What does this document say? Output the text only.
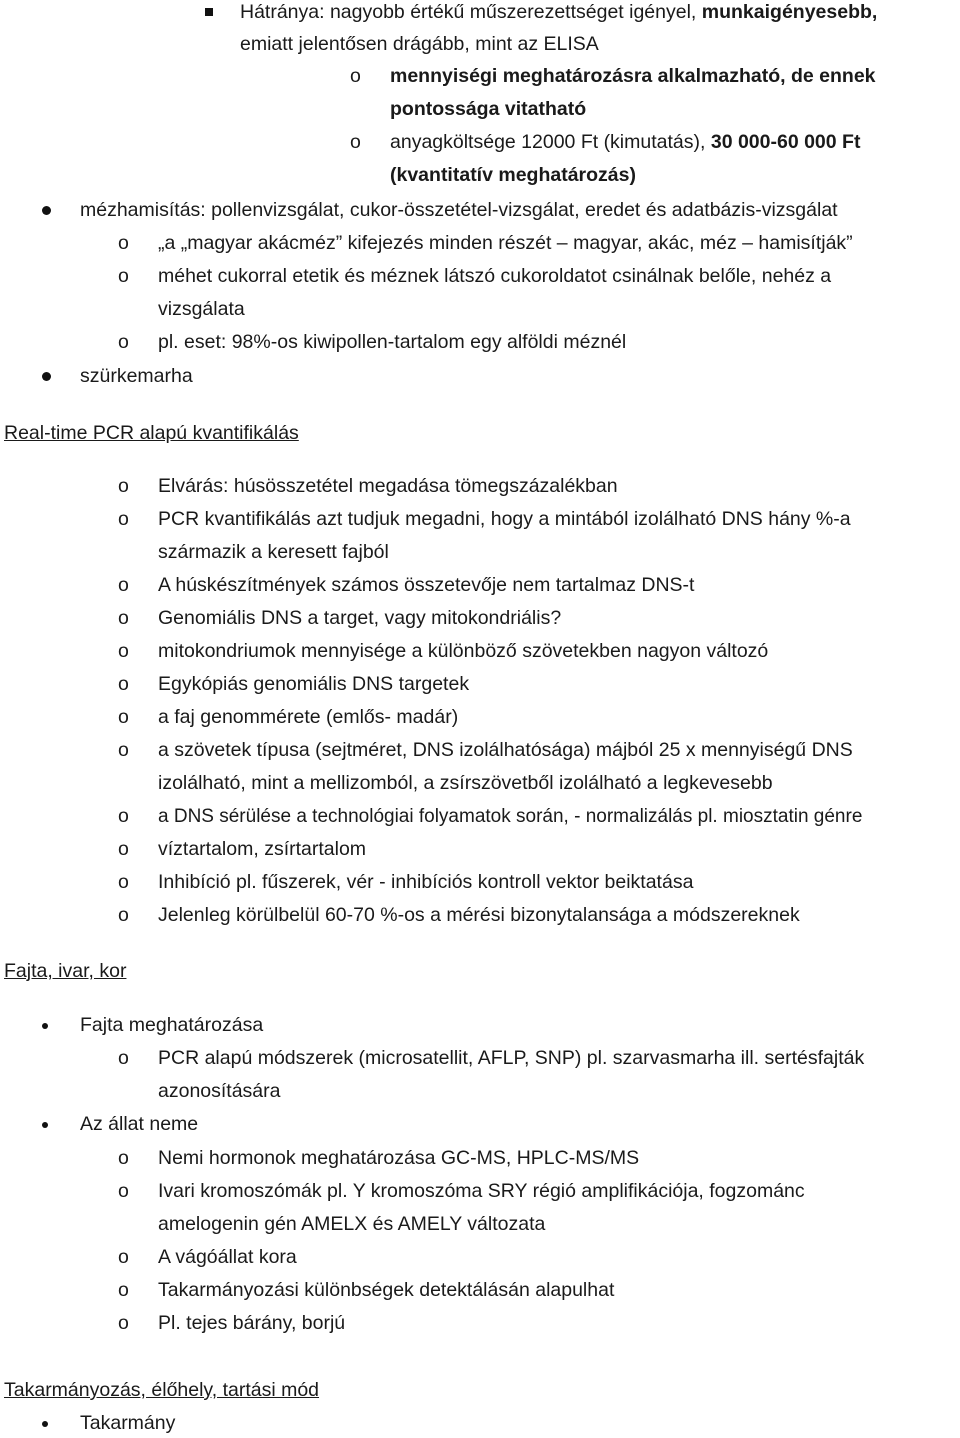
Hátránya: nagyobb értékű műszerezettséget igényel, munkaigényesebb,
emiatt jelentősen drágább, mint az ELISA
o mennyiségi meghatározásra alkalmazható, de ennek
pontossága vitatható
o anyagköltsége 12000 Ft (kimutatás), 30 000-60 000 Ft
(kvantitatív meghatározás)
mézhamisítás: pollenvizsgálat, cukor-összetétel-vizsgálat, eredet és adatbázis-vizsgálat
o „a „magyar akácméz” kifejezés minden részét – magyar, akác, méz – hamisítják”
o méhet cukorral etetik és méznek látszó cukoroldatot csinálnak belőle, nehéz a
vizsgálata
o pl. eset: 98%-os kiwipollen-tartalom egy alföldi méznél
szürkemarha
Real-time PCR alapú kvantifikálás
o Elvárás: húsösszetétel megadása tömegszázalékban
o PCR kvantifikálás azt tudjuk megadni, hogy a mintából izolálható DNS hány %-a
származik a keresett fajból
o A húskészítmények számos összetevője nem tartalmaz DNS-t
o Genomiális DNS a target, vagy mitokondriális?
o mitokondriumok mennyisége a különböző szövetekben nagyon változó
o Egykópiás genomiális DNS targetek
o a faj genommérete (emlős- madár)
o a szövetek típusa (sejtméret, DNS izolálhatósága) májból 25 x mennyiségű DNS
izolálható, mint a mellizomból, a zsírszövetből izolálható a legkevesebb
o a DNS sérülése a technológiai folyamatok során, - normalizálás pl. miosztatin génre
o víztartalom, zsírtartalom
o Inhibíció pl. fűszerek, vér - inhibíciós kontroll vektor beiktatása
o Jelenleg körülbelül 60-70 %-os a mérési bizonytalansága a módszereknek
Fajta, ivar, kor
Fajta meghatározása
o PCR alapú módszerek (microsatellit, AFLP, SNP) pl. szarvasmarha ill. sertésfajták
azonosítására
Az állat neme
o Nemi hormonok meghatározása GC-MS, HPLC-MS/MS
o Ivari kromoszómák pl. Y kromoszóma SRY régió amplifikációja, fogzománc
amelogenin gén AMELX és AMELY változata
o A vágóállat kora
o Takarmányozási különbségek detektálásán alapulhat
o Pl. tejes bárány, borjú
Takarmányozás, élőhely, tartási mód
Takarmány
